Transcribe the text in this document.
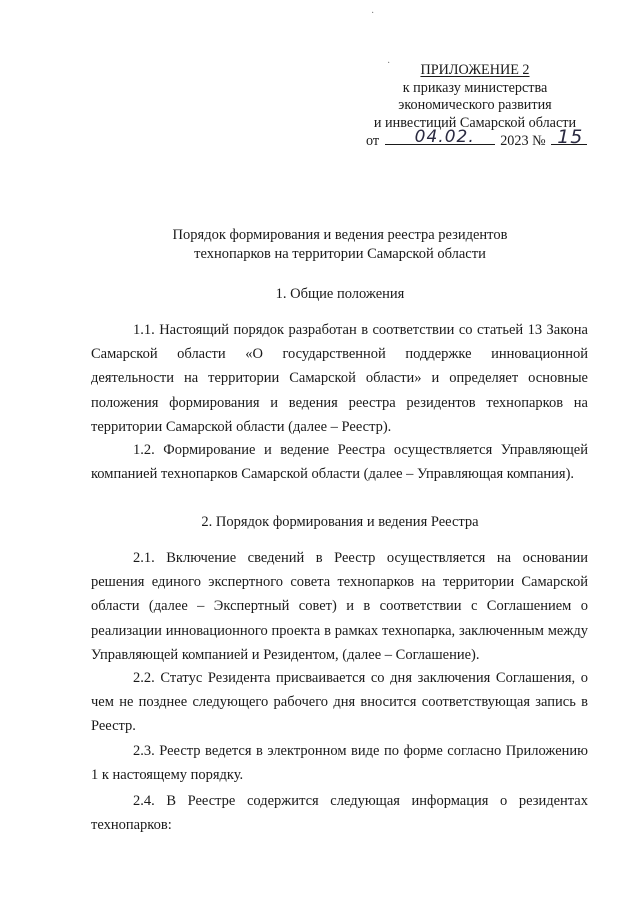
·
·	ПРИЛОЖЕНИЕ 2
к приказу министерства
экономического развития
и инвестиций Самарской области
от 04.02. 2023 № 15
Порядок формирования и ведения реестра резидентов
технопарков на территории Самарской области
1. Общие положения
1.1. Настоящий порядок разработан в соответствии со статьей 13 Закона Самарской области «О государственной поддержке инновационной деятельности на территории Самарской области» и определяет основные положения формирования и ведения реестра резидентов технопарков на территории Самарской области (далее – Реестр).
1.2. Формирование и ведение Реестра осуществляется Управляющей компанией технопарков Самарской области (далее – Управляющая компания).
2. Порядок формирования и ведения Реестра
2.1. Включение сведений в Реестр осуществляется на основании решения единого экспертного совета технопарков на территории Самарской области (далее – Экспертный совет) и в соответствии с Соглашением о реализации инновационного проекта в рамках технопарка, заключенным между Управляющей компанией и Резидентом, (далее – Соглашение).
2.2. Статус Резидента присваивается со дня заключения Соглашения, о чем не позднее следующего рабочего дня вносится соответствующая запись в Реестр.
2.3. Реестр ведется в электронном виде по форме согласно Приложению 1 к настоящему порядку.
2.4. В Реестре содержится следующая информация о резидентах технопарков:
